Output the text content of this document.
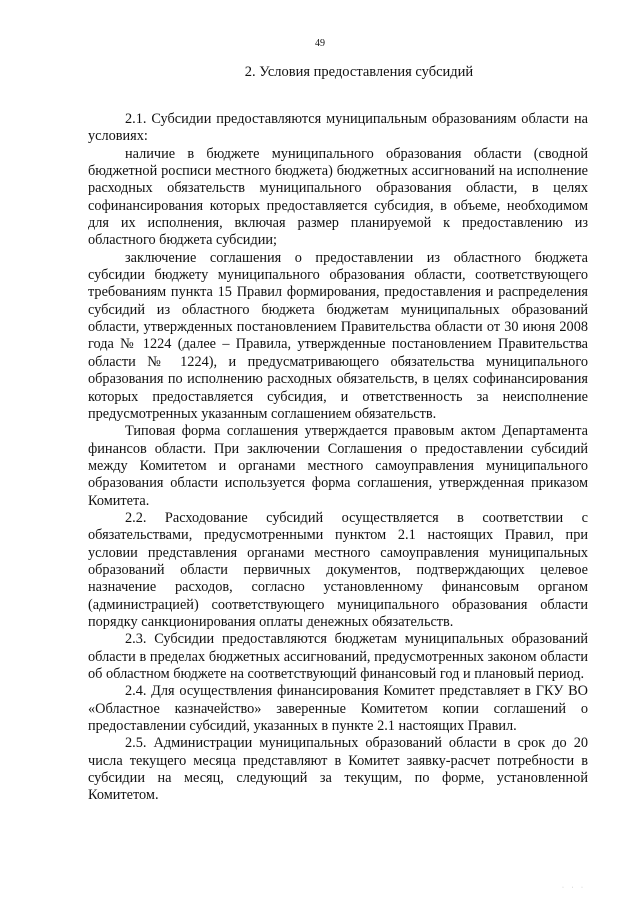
49
2. Условия предоставления субсидий

2.1. Субсидии предоставляются муниципальным образованиям области на условиях:

наличие в бюджете муниципального образования области (сводной бюджетной росписи местного бюджета) бюджетных ассигнований на исполнение расходных обязательств муниципального образования области, в целях софинансирования которых предоставляется субсидия, в объеме, необходимом для их исполнения, включая размер планируемой к предоставлению из областного бюджета субсидии;

заключение соглашения о предоставлении из областного бюджета субсидии бюджету муниципального образования области, соответствующего требованиям пункта 15 Правил формирования, предоставления и распределения субсидий из областного бюджета бюджетам муниципальных образований области, утвержденных постановлением Правительства области от 30 июня 2008 года № 1224 (далее – Правила, утвержденные постановлением Правительства области № 1224), и предусматривающего обязательства муниципального образования по исполнению расходных обязательств, в целях софинансирования которых предоставляется субсидия, и ответственность за неисполнение предусмотренных указанным соглашением обязательств.

Типовая форма соглашения утверждается правовым актом Департамента финансов области. При заключении Соглашения о предоставлении субсидий между Комитетом и органами местного самоуправления муниципального образования области используется форма соглашения, утвержденная приказом Комитета.

2.2. Расходование субсидий осуществляется в соответствии с обязательствами, предусмотренными пунктом 2.1 настоящих Правил, при условии представления органами местного самоуправления муниципальных образований области первичных документов, подтверждающих целевое назначение расходов, согласно установленному финансовым органом (администрацией) соответствующего муниципального образования области порядку санкционирования оплаты денежных обязательств.

2.3. Субсидии предоставляются бюджетам муниципальных образований области в пределах бюджетных ассигнований, предусмотренных законом области об областном бюджете на соответствующий финансовый год и плановый период.

2.4. Для осуществления финансирования Комитет представляет в ГКУ ВО «Областное казначейство» заверенные Комитетом копии соглашений о предоставлении субсидий, указанных в пункте 2.1 настоящих Правил.

2.5. Администрации муниципальных образований области в срок до 20 числа текущего месяца представляют в Комитет заявку-расчет потребности в субсидии на месяц, следующий за текущим, по форме, установленной Комитетом.

· · ·
